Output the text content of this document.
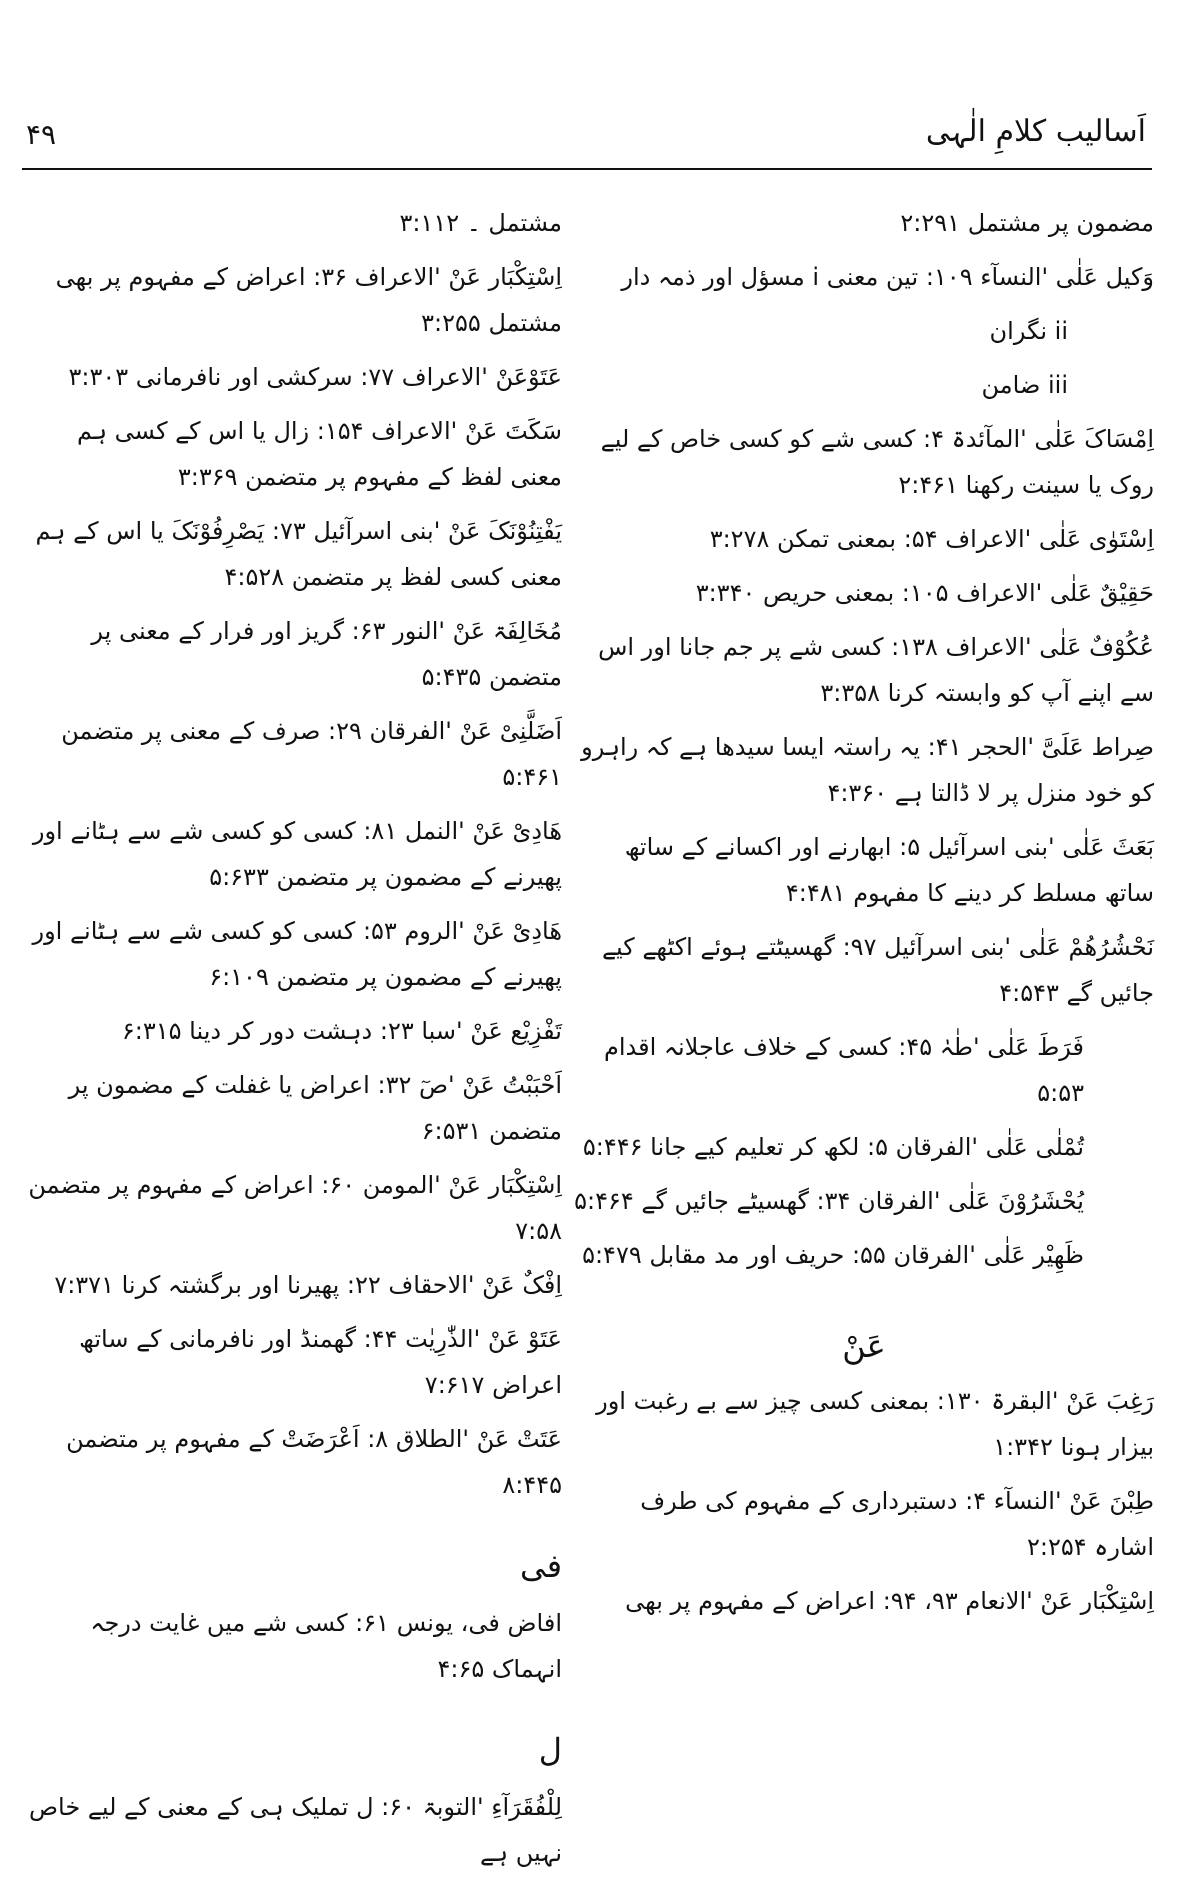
اَسالیب کلامِ الٰہی
۴۹
مضمون پر مشتمل ۲:۲۹۱
وَکیل عَلٰی 'النسآء ۱۰۹: تین معنی i مسؤل اور ذمہ دار
ii نگران
iii ضامن
اِمْسَاکَ عَلٰی 'المآئدۃ ۴: کسی شے کو کسی خاص کے لیے روک یا سینت رکھنا ۲:۴۶۱
اِسْتَوٰی عَلٰی 'الاعراف ۵۴: بمعنی تمکن ۳:۲۷۸
حَقِیْقٌ عَلٰی 'الاعراف ۱۰۵: بمعنی حریص ۳:۳۴۰
عُکُوْفٌ عَلٰی 'الاعراف ۱۳۸: کسی شے پر جم جانا اور اس سے اپنے آپ کو وابستہ کرنا ۳:۳۵۸
صِراط عَلَیَّ 'الحجر ۴۱: یہ راستہ ایسا سیدھا ہے کہ راہرو کو خود منزل پر لا ڈالتا ہے ۴:۳۶۰
بَعَثَ عَلٰی 'بنی اسرآئیل ۵: ابھارنے اور اکسانے کے ساتھ ساتھ مسلط کر دینے کا مفہوم ۴:۴۸۱
نَحْشُرُھُمْ عَلٰی 'بنی اسرآئیل ۹۷: گھسیٹتے ہوئے اکٹھے کیے جائیں گے ۴:۵۴۳
فَرَطَ عَلٰی 'طٰہٰ ۴۵: کسی کے خلاف عاجلانہ اقدام ۵:۵۳
تُمْلٰی عَلٰی 'الفرقان ۵: لکھ کر تعلیم کیے جانا ۵:۴۴۶
یُحْشَرُوْنَ عَلٰی 'الفرقان ۳۴: گھسیٹے جائیں گے ۵:۴۶۴
ظَھِیْر عَلٰی 'الفرقان ۵۵: حریف اور مد مقابل ۵:۴۷۹
عَنْ
رَغِبَ عَنْ 'البقرۃ ۱۳۰: بمعنی کسی چیز سے بے رغبت اور بیزار ہونا ۱:۳۴۲
طِبْنَ عَنْ 'النسآء ۴: دستبرداری کے مفہوم کی طرف اشارہ ۲:۲۵۴
اِسْتِکْبَار عَنْ 'الانعام ۹۳، ۹۴: اعراض کے مفہوم پر بھی
مشتمل ۔ ۳:۱۱۲
اِسْتِکْبَار عَنْ 'الاعراف ۳۶: اعراض کے مفہوم پر بھی مشتمل ۳:۲۵۵
عَتَوْعَنْ 'الاعراف ۷۷: سرکشی اور نافرمانی ۳:۳۰۳
سَکَتَ عَنْ 'الاعراف ۱۵۴: زال یا اس کے کسی ہم معنی لفظ کے مفہوم پر متضمن ۳:۳۶۹
یَفْتِنُوْنَکَ عَنْ 'بنی اسرآئیل ۷۳: یَصْرِفُوْنَکَ یا اس کے ہم معنی کسی لفظ پر متضمن ۴:۵۲۸
مُخَالِفَۃ عَنْ 'النور ۶۳: گریز اور فرار کے معنی پر متضمن ۵:۴۳۵
اَضَلَّنِیْ عَنْ 'الفرقان ۲۹: صرف کے معنی پر متضمن ۵:۴۶۱
ھَادِیْ عَنْ 'النمل ۸۱: کسی کو کسی شے سے ہٹانے اور پھیرنے کے مضمون پر متضمن ۵:۶۳۳
ھَادِیْ عَنْ 'الروم ۵۳: کسی کو کسی شے سے ہٹانے اور پھیرنے کے مضمون پر متضمن ۶:۱۰۹
تَفْزِیْع عَنْ 'سبا ۲۳: دہشت دور کر دینا ۶:۳۱۵
اَحْبَبْتُ عَنْ 'صٓ ۳۲: اعراض یا غفلت کے مضمون پر متضمن ۶:۵۳۱
اِسْتِکْبَار عَنْ 'المومن ۶۰: اعراض کے مفہوم پر متضمن ۷:۵۸
اِفْکٌ عَنْ 'الاحقاف ۲۲: پھیرنا اور برگشتہ کرنا ۷:۳۷۱
عَتَوْ عَنْ 'الذّٰرِیٰت ۴۴: گھمنڈ اور نافرمانی کے ساتھ اعراض ۷:۶۱۷
عَتَتْ عَنْ 'الطلاق ۸: اَعْرَضَتْ کے مفہوم پر متضمن ۸:۴۴۵
فی
افاض فی، یونس ۶۱: کسی شے میں غایت درجہ انہماک ۴:۶۵
ل
لِلْفُقَرَآءِ 'التوبۃ ۶۰: ل تملیک ہی کے معنی کے لیے خاص نہیں ہے
